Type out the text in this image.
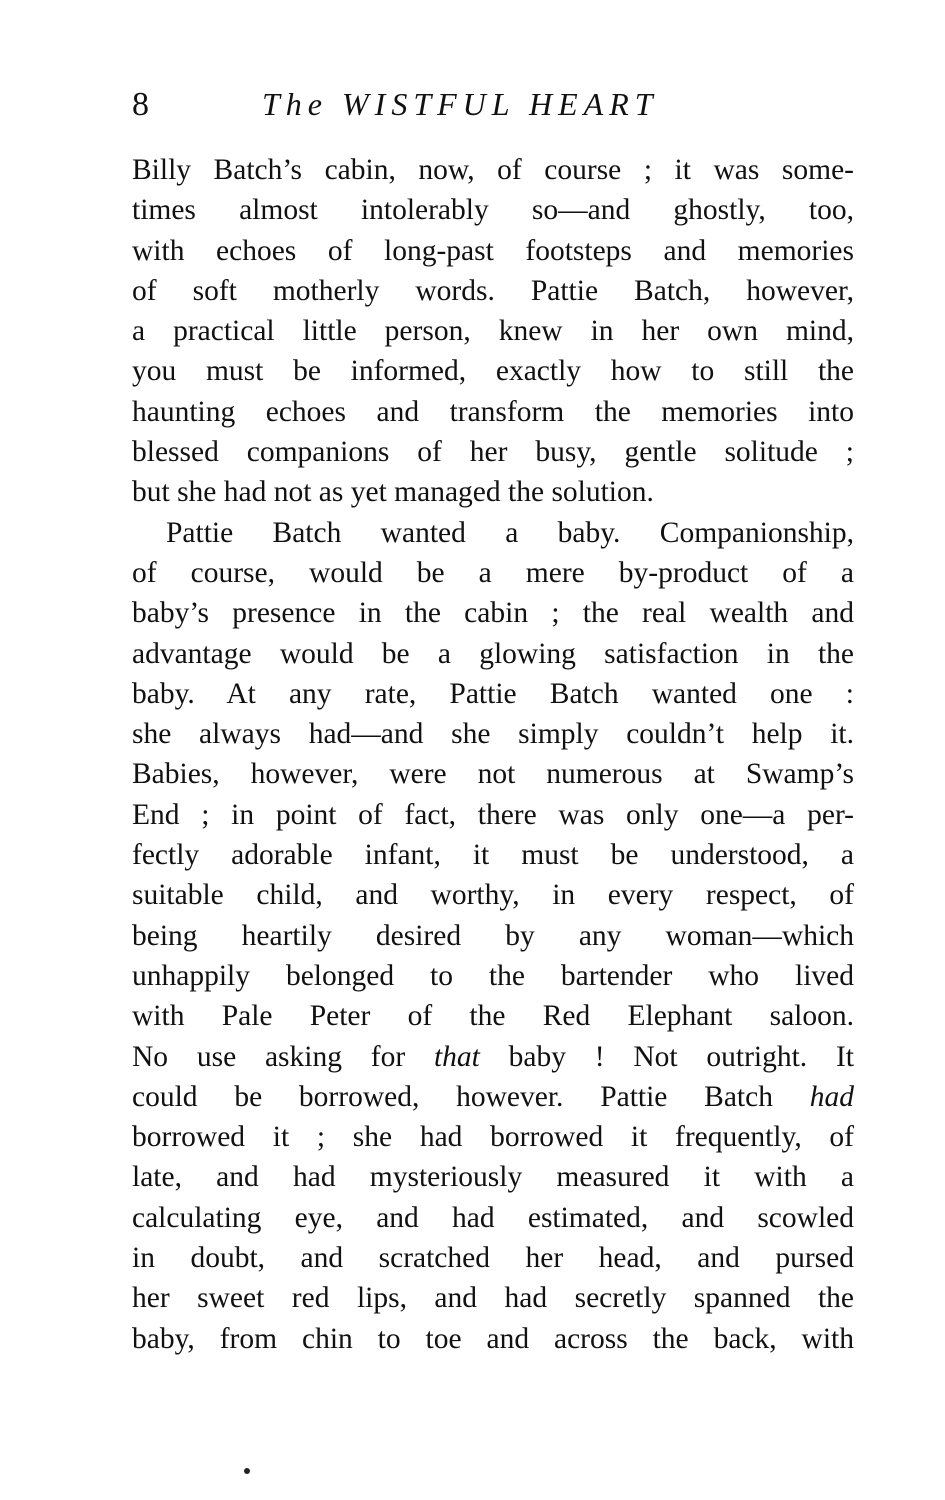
8	The WISTFUL HEART
Billy Batch’s cabin, now, of course ; it was some-
times almost intolerably so—and ghostly, too,
with echoes of long-past footsteps and memories
of soft motherly words. Pattie Batch, however,
a practical little person, knew in her own mind,
you must be informed, exactly how to still the
haunting echoes and transform the memories into
blessed companions of her busy, gentle solitude ;
but she had not as yet managed the solution.
Pattie Batch wanted a baby. Companionship,
of course, would be a mere by-product of a
baby’s presence in the cabin ; the real wealth and
advantage would be a glowing satisfaction in the
baby. At any rate, Pattie Batch wanted one :
she always had—and she simply couldn’t help it.
Babies, however, were not numerous at Swamp’s
End ; in point of fact, there was only one—a per-
fectly adorable infant, it must be understood, a
suitable child, and worthy, in every respect, of
being heartily desired by any woman—which
unhappily belonged to the bartender who lived
with Pale Peter of the Red Elephant saloon.
No use asking for that baby ! Not outright. It
could be borrowed, however. Pattie Batch had
borrowed it ; she had borrowed it frequently, of
late, and had mysteriously measured it with a
calculating eye, and had estimated, and scowled
in doubt, and scratched her head, and pursed
her sweet red lips, and had secretly spanned the
baby, from chin to toe and across the back, with
